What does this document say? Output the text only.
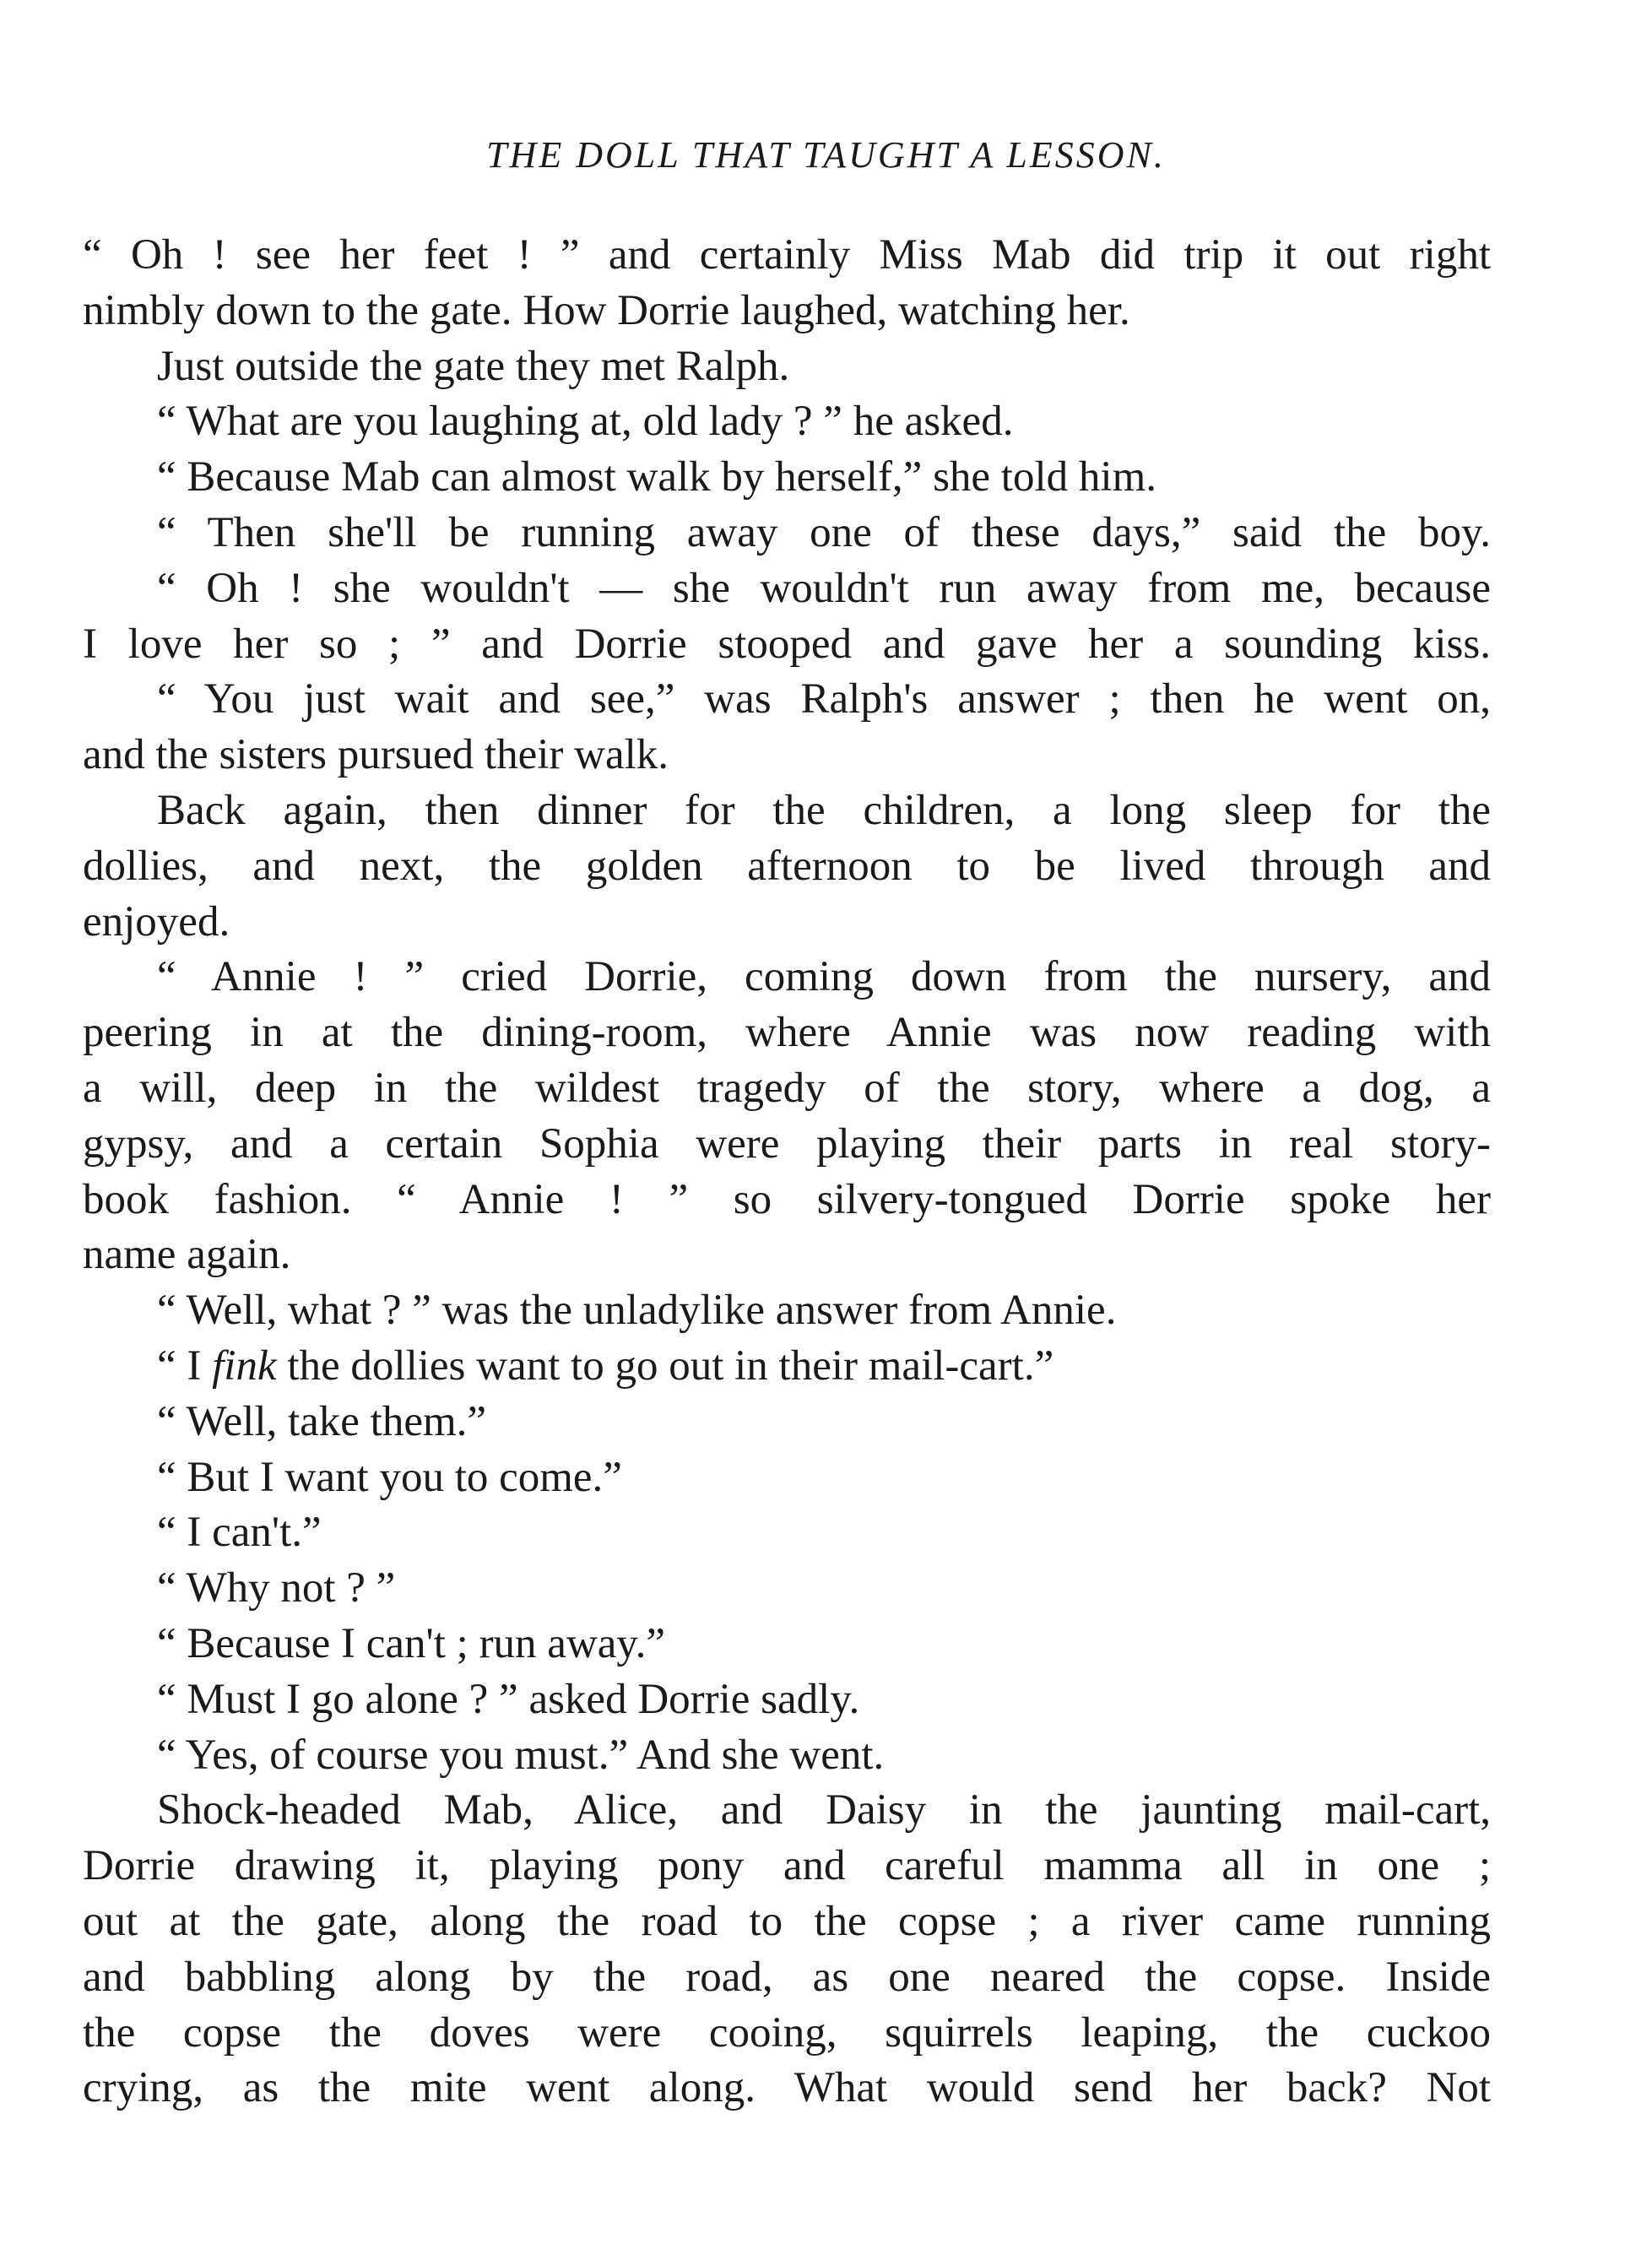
THE DOLL THAT TAUGHT A LESSON.
“ Oh ! see her feet ! ” and certainly Miss Mab did trip it out right
nimbly down to the gate. How Dorrie laughed, watching her.
Just outside the gate they met Ralph.
“ What are you laughing at, old lady ? ” he asked.
“ Because Mab can almost walk by herself,” she told him.
“ Then she'll be running away one of these days,” said the boy.
“ Oh ! she wouldn't — she wouldn't run away from me, because
I love her so ; ” and Dorrie stooped and gave her a sounding kiss.
“ You just wait and see,” was Ralph's answer ; then he went on,
and the sisters pursued their walk.
Back again, then dinner for the children, a long sleep for the
dollies, and next, the golden afternoon to be lived through and
enjoyed.
“ Annie ! ” cried Dorrie, coming down from the nursery, and
peering in at the dining-room, where Annie was now reading with
a will, deep in the wildest tragedy of the story, where a dog, a
gypsy, and a certain Sophia were playing their parts in real story-
book fashion. “ Annie ! ” so silvery-tongued Dorrie spoke her
name again.
“ Well, what ? ” was the unladylike answer from Annie.
“ I fink the dollies want to go out in their mail-cart.”
“ Well, take them.”
“ But I want you to come.”
“ I can't.”
“ Why not ? ”
“ Because I can't ; run away.”
“ Must I go alone ? ” asked Dorrie sadly.
“ Yes, of course you must.” And she went.
Shock-headed Mab, Alice, and Daisy in the jaunting mail-cart,
Dorrie drawing it, playing pony and careful mamma all in one ;
out at the gate, along the road to the copse ; a river came running
and babbling along by the road, as one neared the copse. Inside
the copse the doves were cooing, squirrels leaping, the cuckoo
crying, as the mite went along. What would send her back? Not
